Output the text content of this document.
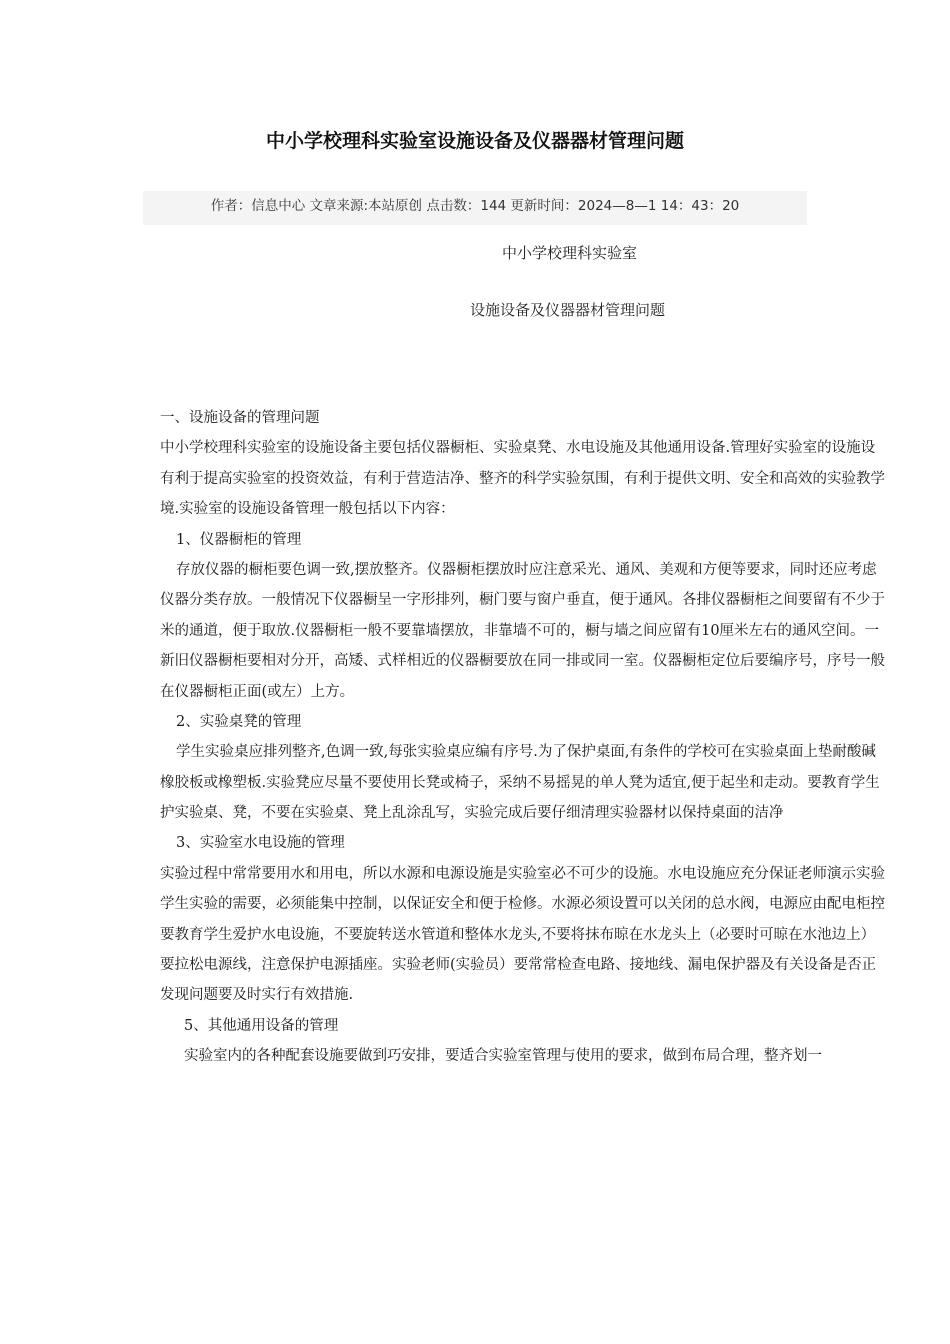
中小学校理科实验室设施设备及仪器器材管理问题
作者：信息中心 文章来源:本站原创 点击数：144 更新时间：2024—8—1 14：43：20
中小学校理科实验室
设施设备及仪器器材管理问题
一、设施设备的管理问题
中小学校理科实验室的设施设备主要包括仪器橱柜、实验桌凳、水电设施及其他通用设备.管理好实验室的设施设
有利于提高实验室的投资效益，有利于营造洁净、整齐的科学实验氛围，有利于提供文明、安全和高效的实验教学
境.实验室的设施设备管理一般包括以下内容：
1、仪器橱柜的管理
存放仪器的橱柜要色调一致,摆放整齐。仪器橱柜摆放时应注意采光、通风、美观和方便等要求，同时还应考虑
仪器分类存放。一般情况下仪器橱呈一字形排列，橱门要与窗户垂直，便于通风。各排仪器橱柜之间要留有不少于
米的通道，便于取放.仪器橱柜一般不要靠墙摆放，非靠墙不可的，橱与墙之间应留有10厘米左右的通风空间。一
新旧仪器橱柜要相对分开，高矮、式样相近的仪器橱要放在同一排或同一室。仪器橱柜定位后要编序号，序号一般
在仪器橱柜正面(或左）上方。
2、实验桌凳的管理
学生实验桌应排列整齐,色调一致,每张实验桌应编有序号.为了保护桌面,有条件的学校可在实验桌面上垫耐酸碱
橡胶板或橡塑板.实验凳应尽量不要使用长凳或椅子，采纳不易摇晃的单人凳为适宜,便于起坐和走动。要教育学生
护实验桌、凳，不要在实验桌、凳上乱涂乱写，实验完成后要仔细清理实验器材以保持桌面的洁净
3、实验室水电设施的管理
实验过程中常常要用水和用电，所以水源和电源设施是实验室必不可少的设施。水电设施应充分保证老师演示实验
学生实验的需要，必须能集中控制，以保证安全和便于检修。水源必须设置可以关闭的总水阀，电源应由配电柜控
要教育学生爱护水电设施，不要旋转送水管道和整体水龙头,不要将抹布晾在水龙头上（必要时可晾在水池边上）
要拉松电源线，注意保护电源插座。实验老师(实验员）要常常检查电路、接地线、漏电保护器及有关设备是否正
发现问题要及时实行有效措施.
5、其他通用设备的管理
实验室内的各种配套设施要做到巧安排，要适合实验室管理与使用的要求，做到布局合理，整齐划一
